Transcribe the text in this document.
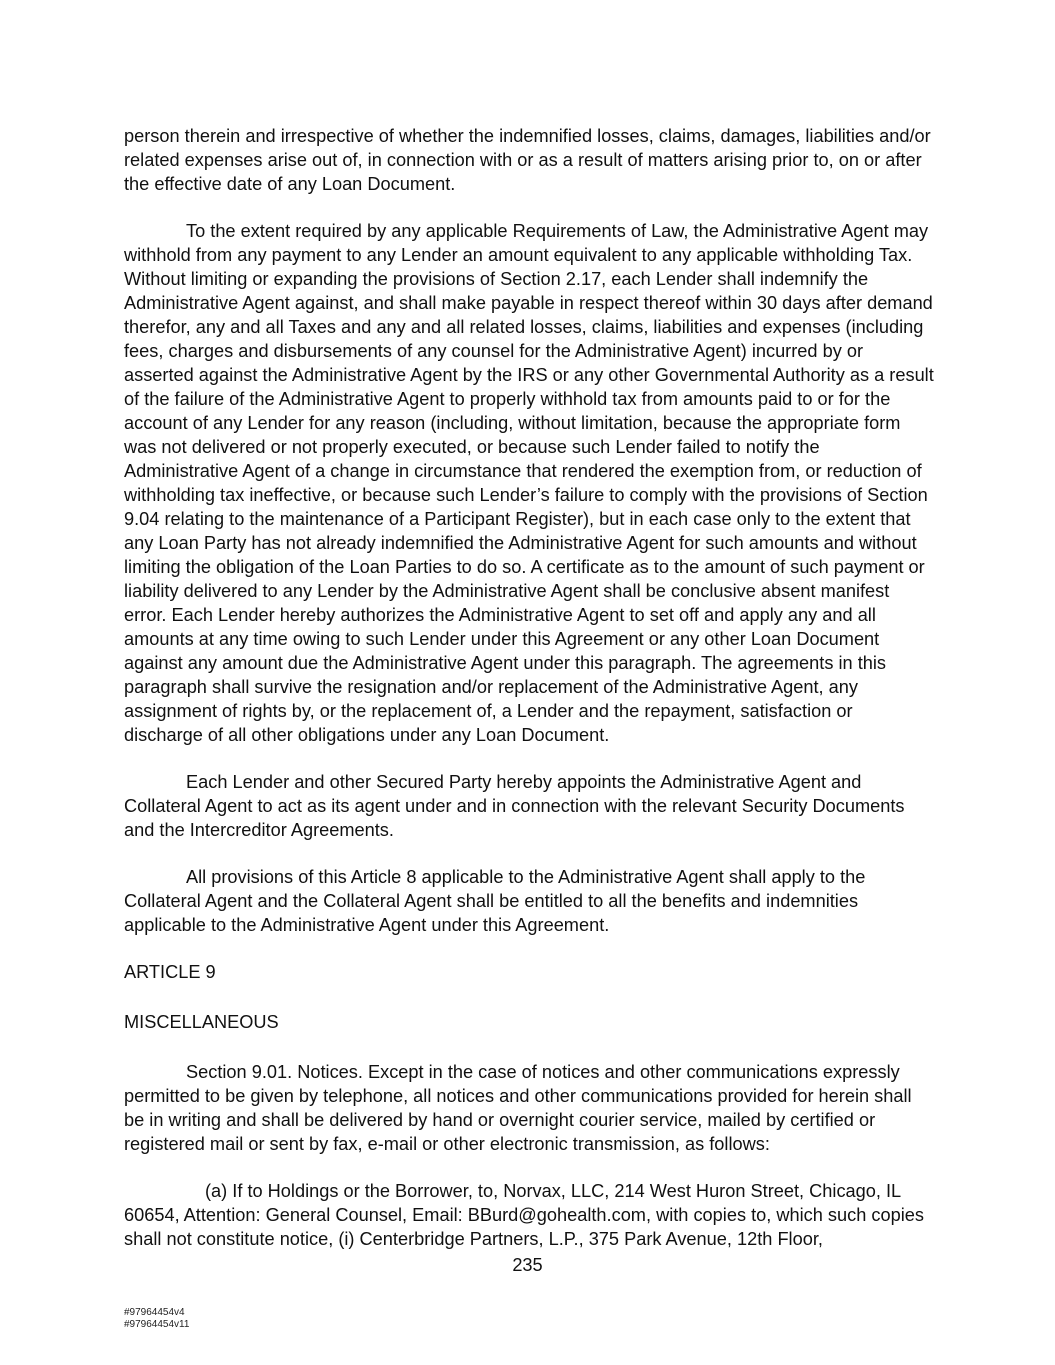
person therein and irrespective of whether the indemnified losses, claims, damages, liabilities and/or related expenses arise out of, in connection with or as a result of matters arising prior to, on or after the effective date of any Loan Document.

To the extent required by any applicable Requirements of Law, the Administrative Agent may withhold from any payment to any Lender an amount equivalent to any applicable withholding Tax. Without limiting or expanding the provisions of Section 2.17, each Lender shall indemnify the Administrative Agent against, and shall make payable in respect thereof within 30 days after demand therefor, any and all Taxes and any and all related losses, claims, liabilities and expenses (including fees, charges and disbursements of any counsel for the Administrative Agent) incurred by or asserted against the Administrative Agent by the IRS or any other Governmental Authority as a result of the failure of the Administrative Agent to properly withhold tax from amounts paid to or for the account of any Lender for any reason (including, without limitation, because the appropriate form was not delivered or not properly executed, or because such Lender failed to notify the Administrative Agent of a change in circumstance that rendered the exemption from, or reduction of withholding tax ineffective, or because such Lender’s failure to comply with the provisions of Section 9.04 relating to the maintenance of a Participant Register), but in each case only to the extent that any Loan Party has not already indemnified the Administrative Agent for such amounts and without limiting the obligation of the Loan Parties to do so. A certificate as to the amount of such payment or liability delivered to any Lender by the Administrative Agent shall be conclusive absent manifest error. Each Lender hereby authorizes the Administrative Agent to set off and apply any and all amounts at any time owing to such Lender under this Agreement or any other Loan Document against any amount due the Administrative Agent under this paragraph. The agreements in this paragraph shall survive the resignation and/or replacement of the Administrative Agent, any assignment of rights by, or the replacement of, a Lender and the repayment, satisfaction or discharge of all other obligations under any Loan Document.

Each Lender and other Secured Party hereby appoints the Administrative Agent and Collateral Agent to act as its agent under and in connection with the relevant Security Documents and the Intercreditor Agreements.

All provisions of this Article 8 applicable to the Administrative Agent shall apply to the Collateral Agent and the Collateral Agent shall be entitled to all the benefits and indemnities applicable to the Administrative Agent under this Agreement.

ARTICLE 9

MISCELLANEOUS

Section 9.01. Notices. Except in the case of notices and other communications expressly permitted to be given by telephone, all notices and other communications provided for herein shall be in writing and shall be delivered by hand or overnight courier service, mailed by certified or registered mail or sent by fax, e-mail or other electronic transmission, as follows:

(a) If to Holdings or the Borrower, to, Norvax, LLC, 214 West Huron Street, Chicago, IL 60654, Attention: General Counsel, Email: BBurd@gohealth.com, with copies to, which such copies shall not constitute notice, (i) Centerbridge Partners, L.P., 375 Park Avenue, 12th Floor,

235
#97964454v4
#97964454v11
